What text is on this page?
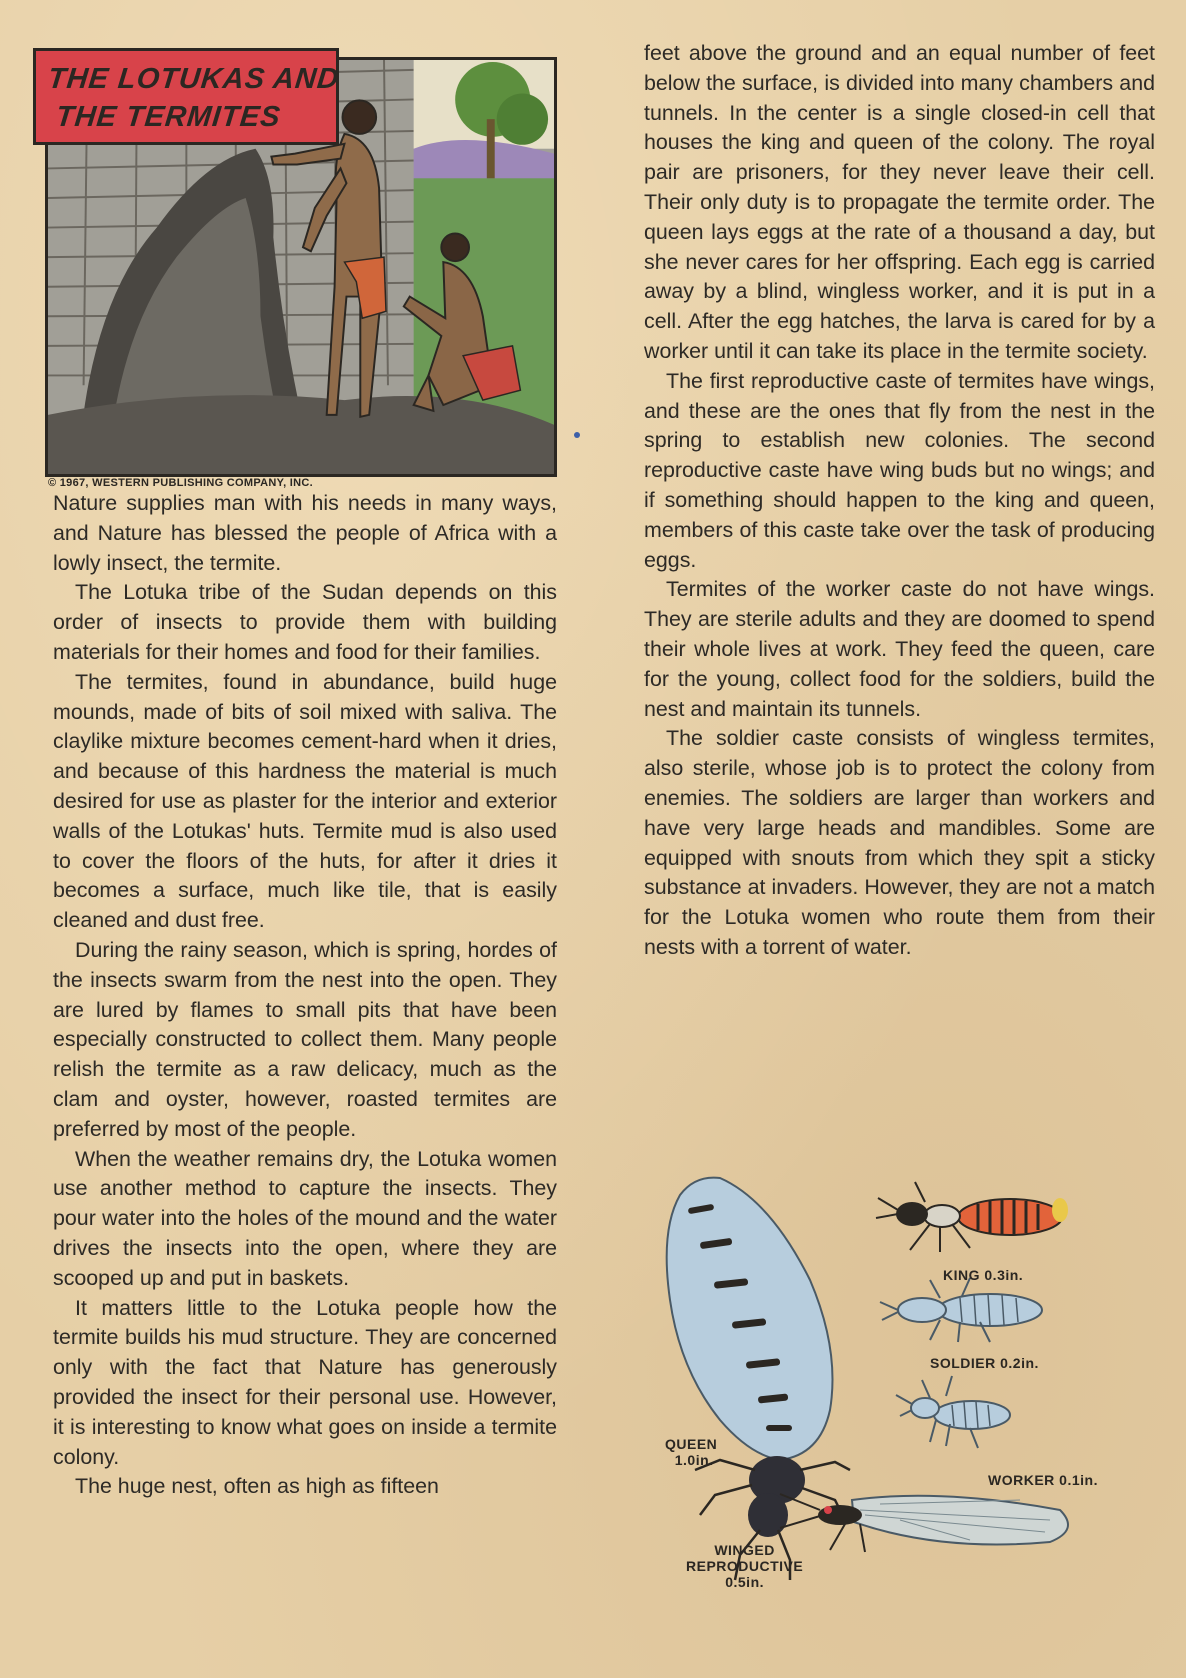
THE LOTUKAS AND
THE TERMITES
© 1967, WESTERN PUBLISHING COMPANY, INC.

Nature supplies man with his needs in many ways, and Nature has blessed the people of Africa with a lowly insect, the termite.

The Lotuka tribe of the Sudan depends on this order of insects to provide them with building materials for their homes and food for their families.

The termites, found in abundance, build huge mounds, made of bits of soil mixed with saliva. The claylike mixture becomes cement-hard when it dries, and because of this hardness the material is much desired for use as plaster for the interior and exterior walls of the Lotukas' huts. Termite mud is also used to cover the floors of the huts, for after it dries it becomes a surface, much like tile, that is easily cleaned and dust free.

During the rainy season, which is spring, hordes of the insects swarm from the nest into the open. They are lured by flames to small pits that have been especially constructed to collect them. Many people relish the termite as a raw delicacy, much as the clam and oyster, however, roasted termites are preferred by most of the people.

When the weather remains dry, the Lotuka women use another method to capture the insects. They pour water into the holes of the mound and the water drives the insects into the open, where they are scooped up and put in baskets.

It matters little to the Lotuka people how the termite builds his mud structure. They are concerned only with the fact that Nature has generously provided the insect for their personal use. However, it is interesting to know what goes on inside a termite colony.

The huge nest, often as high as fifteen

feet above the ground and an equal number of feet below the surface, is divided into many chambers and tunnels. In the center is a single closed-in cell that houses the king and queen of the colony. The royal pair are prisoners, for they never leave their cell. Their only duty is to propagate the termite order. The queen lays eggs at the rate of a thousand a day, but she never cares for her offspring. Each egg is carried away by a blind, wingless worker, and it is put in a cell. After the egg hatches, the larva is cared for by a worker until it can take its place in the termite society.

The first reproductive caste of termites have wings, and these are the ones that fly from the nest in the spring to establish new colonies. The second reproductive caste have wing buds but no wings; and if something should happen to the king and queen, members of this caste take over the task of producing eggs.

Termites of the worker caste do not have wings. They are sterile adults and they are doomed to spend their whole lives at work. They feed the queen, care for the young, collect food for the soldiers, build the nest and maintain its tunnels.

The soldier caste consists of wingless termites, also sterile, whose job is to protect the colony from enemies. The soldiers are larger than workers and have very large heads and mandibles. Some are equipped with snouts from which they spit a sticky substance at invaders. However, they are not a match for the Lotuka women who route them from their nests with a torrent of water.

KING 0.3in.
SOLDIER 0.2in.
QUEEN
1.0in.
WORKER 0.1in.
WINGED
REPRODUCTIVE
0.5in.
